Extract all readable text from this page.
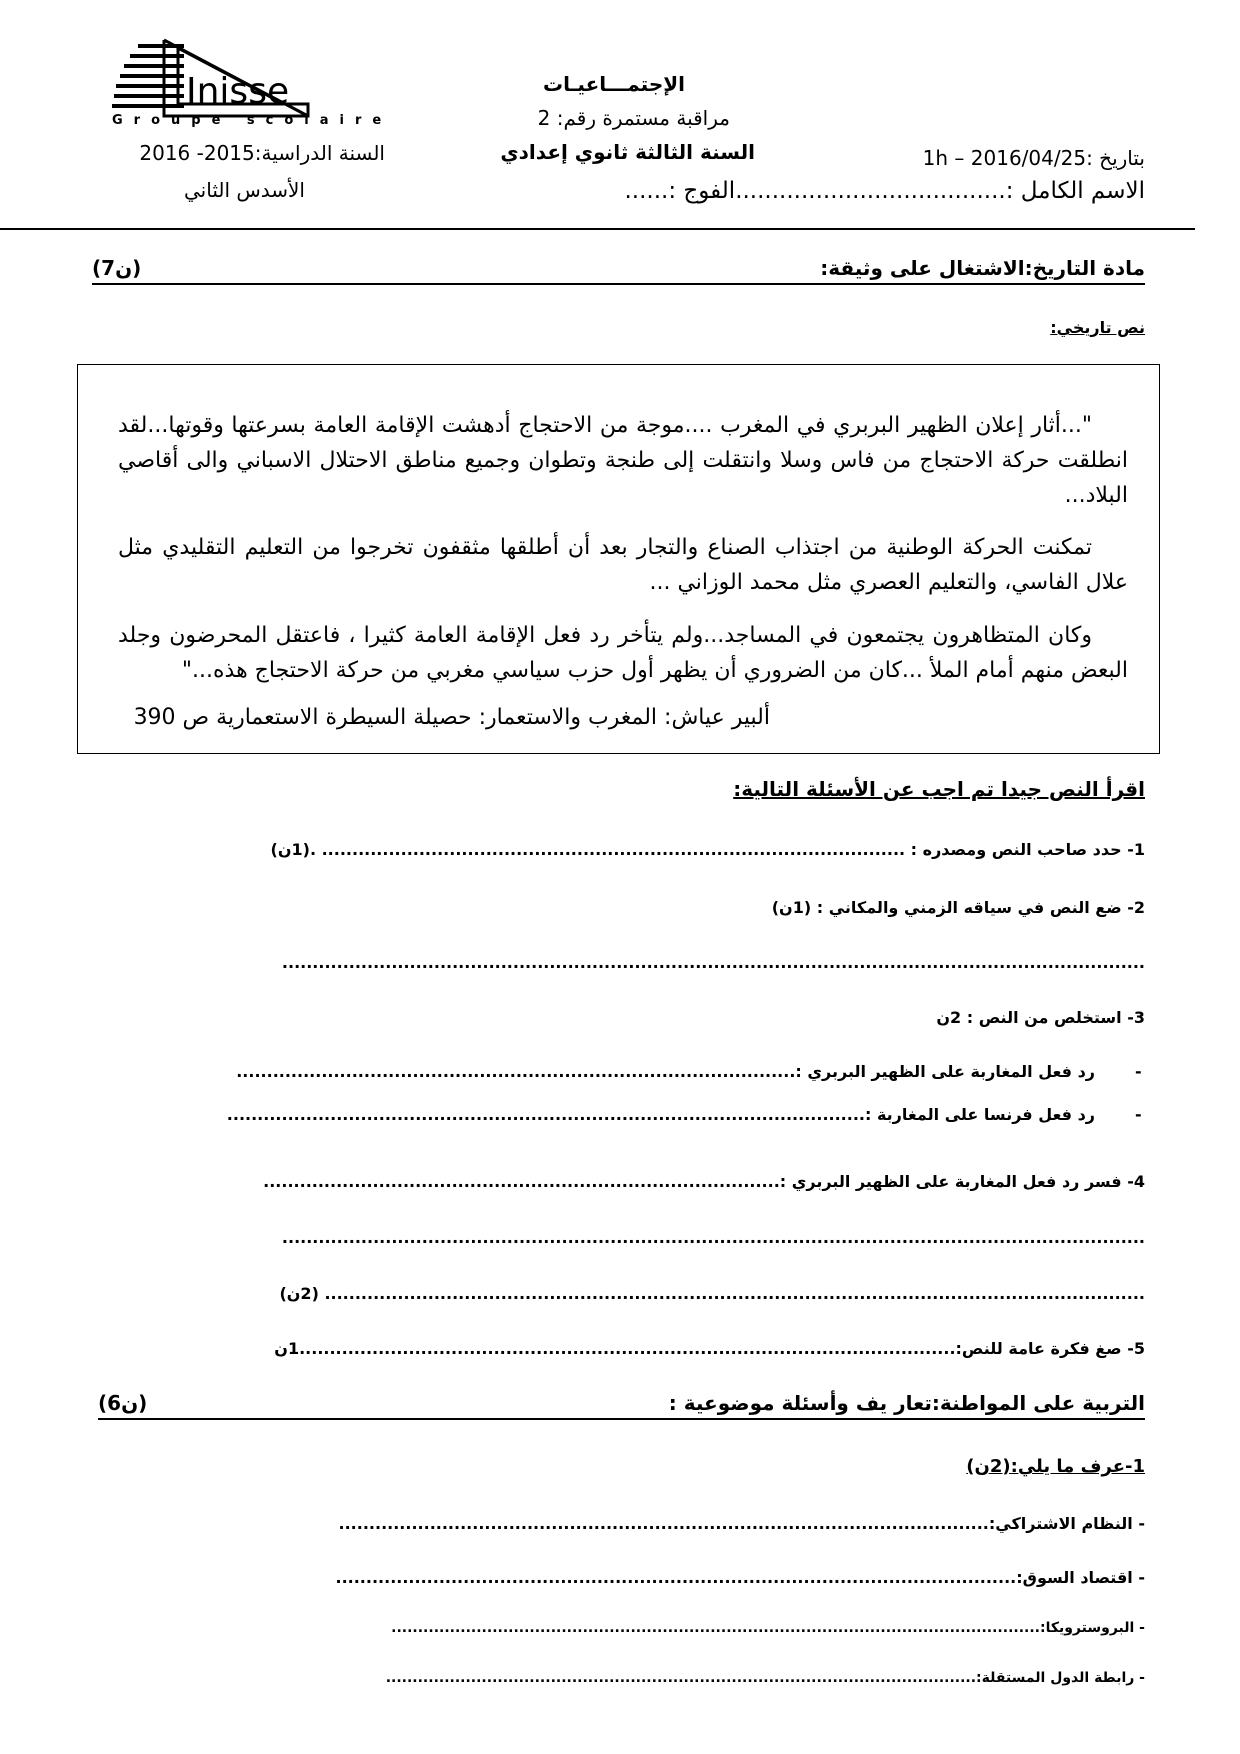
Inisse
Groupe scolaire
الإجتمـــاعيـات
مراقبة مستمرة رقم: 2
السنة الثالثة ثانوي إعدادي
السنة الدراسية:2015- 2016
الأسدس الثاني
بتاريخ :2016/04/25 – 1h
الاسم الكامل :.....................................الفوج :......
مادة التاريخ:الاشتغال على وثيقة:
(7ن)
نص تاريخي:
"...أثار إعلان الظهير البربري في المغرب ....موجة من الاحتجاج أدهشت الإقامة العامة بسرعتها وقوتها...لقد انطلقت حركة الاحتجاج من فاس وسلا وانتقلت إلى طنجة وتطوان وجميع مناطق الاحتلال الاسباني والى أقاصي البلاد...
تمكنت الحركة الوطنية من اجتذاب الصناع والتجار بعد أن أطلقها مثقفون تخرجوا من التعليم التقليدي مثل علال الفاسي، والتعليم العصري مثل محمد الوزاني ...
وكان المتظاهرون يجتمعون في المساجد...ولم يتأخر رد فعل الإقامة العامة كثيرا ، فاعتقل المحرضون وجلد البعض منهم أمام الملأ ...كان من الضروري أن يظهر أول حزب سياسي مغربي من حركة الاحتجاج هذه..."
ألبير عياش: المغرب والاستعمار: حصيلة السيطرة الاستعمارية ص 390
اقرأ النص جيدا تم اجب عن الأسئلة التالية:
1- حدد صاحب النص ومصدره : ................................................................................................ .(1ن)
2- ضع النص في سياقه الزمني والمكاني : (1ن)
..............................................................................................................................................
3- استخلص من النص : 2ن
رد فعل المغاربة على الظهير البربري :............................................................................................
رد فعل فرنسا على المغاربة :.........................................................................................................
-
-
4- فسر رد فعل المغاربة على الظهير البربري :.....................................................................................
..............................................................................................................................................
....................................................................................................................................... (2ن)
5- صغ فكرة عامة للنص:............................................................................................................1ن
التربية على المواطنة:تعار يف وأسئلة موضوعية :
(6ن)
1-عرف ما يلي:(2ن)
- النظام الاشتراكي:...........................................................................................................
- اقتصاد السوق:................................................................................................................
- البروسترويكا:..........................................................................................................................
- رابطة الدول المستقلة:...............................................................................................................
